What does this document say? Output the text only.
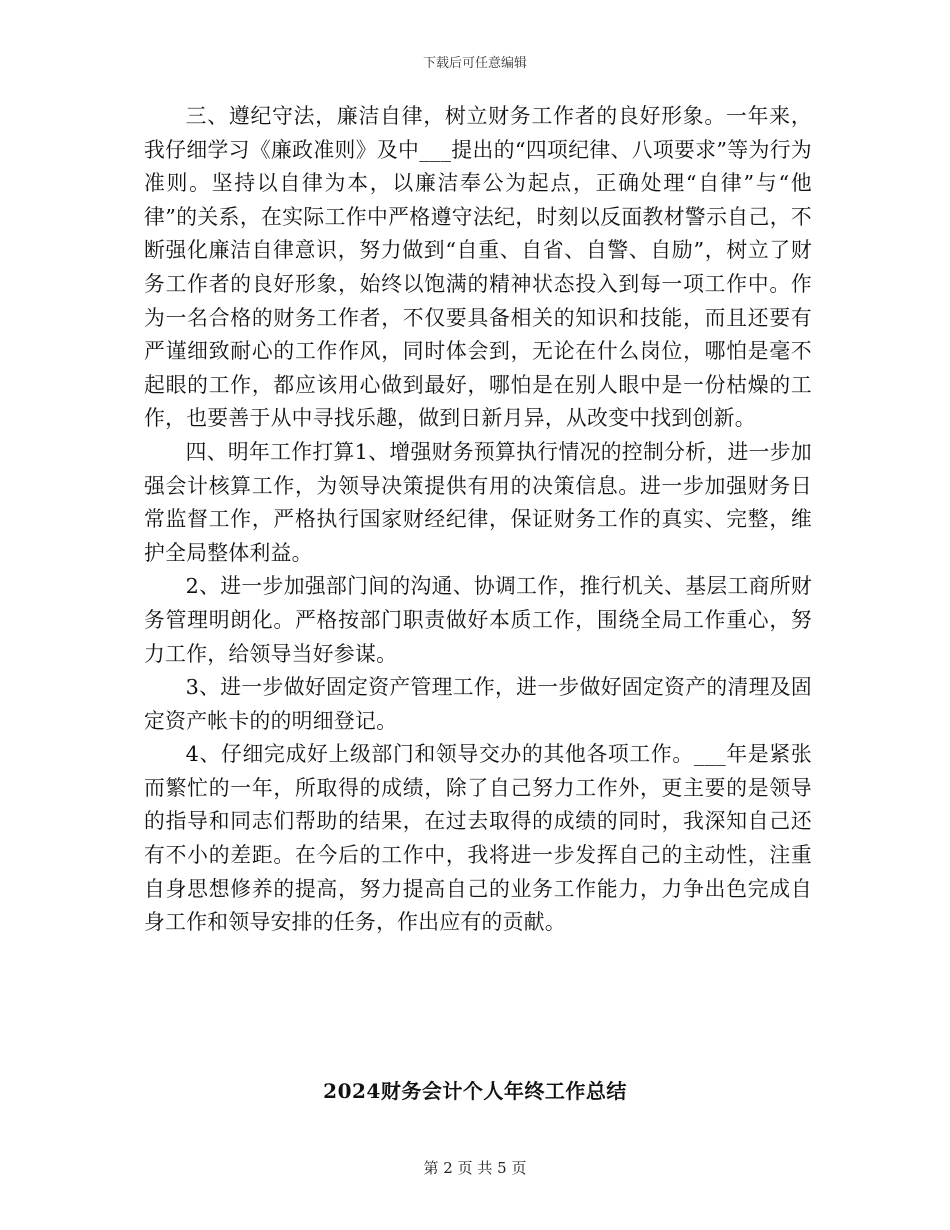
下载后可任意编辑

三、遵纪守法，廉洁自律，树立财务工作者的良好形象。一年来，我仔细学习《廉政准则》及中___提出的“四项纪律、八项要求”等为行为准则。坚持以自律为本，以廉洁奉公为起点，正确处理“自律”与“他律”的关系，在实际工作中严格遵守法纪，时刻以反面教材警示自己，不断强化廉洁自律意识，努力做到“自重、自省、自警、自励”，树立了财务工作者的良好形象，始终以饱满的精神状态投入到每一项工作中。作为一名合格的财务工作者，不仅要具备相关的知识和技能，而且还要有严谨细致耐心的工作作风，同时体会到，无论在什么岗位，哪怕是毫不起眼的工作，都应该用心做到最好，哪怕是在别人眼中是一份枯燥的工作，也要善于从中寻找乐趣，做到日新月异，从改变中找到创新。

四、明年工作打算1、增强财务预算执行情况的控制分析，进一步加强会计核算工作，为领导决策提供有用的决策信息。进一步加强财务日常监督工作，严格执行国家财经纪律，保证财务工作的真实、完整，维护全局整体利益。

2、进一步加强部门间的沟通、协调工作，推行机关、基层工商所财务管理明朗化。严格按部门职责做好本质工作，围绕全局工作重心，努力工作，给领导当好参谋。

3、进一步做好固定资产管理工作，进一步做好固定资产的清理及固定资产帐卡的的明细登记。

4、仔细完成好上级部门和领导交办的其他各项工作。___年是紧张而繁忙的一年，所取得的成绩，除了自己努力工作外，更主要的是领导的指导和同志们帮助的结果，在过去取得的成绩的同时，我深知自己还有不小的差距。在今后的工作中，我将进一步发挥自己的主动性，注重自身思想修养的提高，努力提高自己的业务工作能力，力争出色完成自身工作和领导安排的任务，作出应有的贡献。

2024财务会计个人年终工作总结
第 2 页 共 5 页
